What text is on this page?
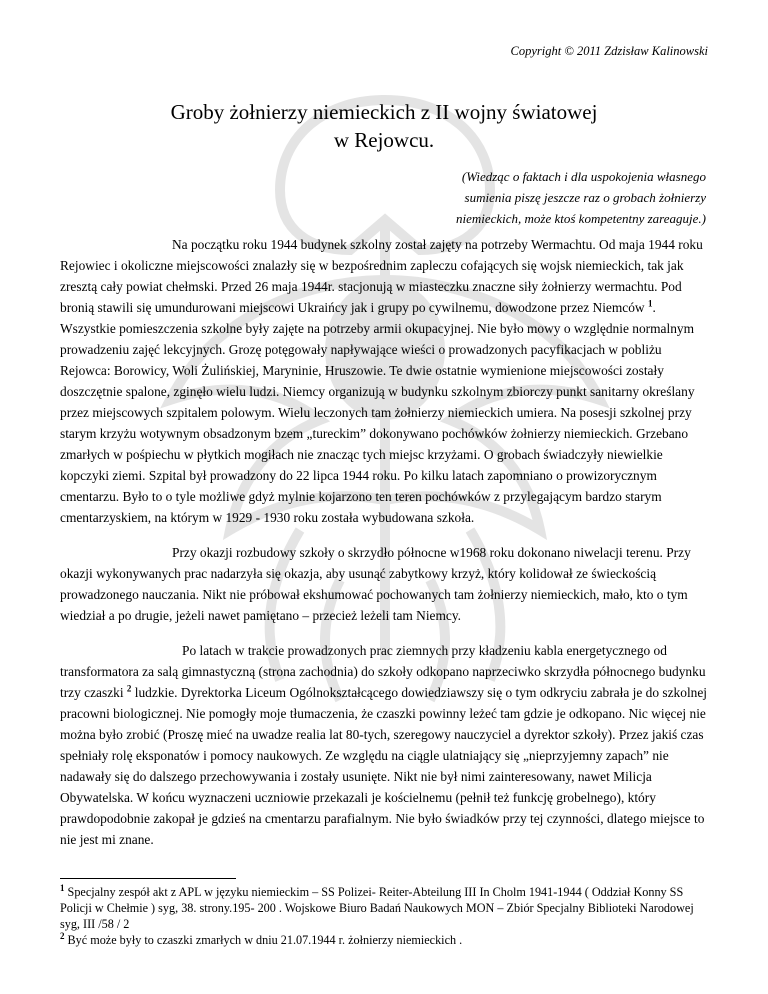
Copyright © 2011 Zdzisław Kalinowski
Groby żołnierzy niemieckich z II wojny światowej
w Rejowcu.
(Wiedząc o faktach i dla uspokojenia własnego
sumienia piszę jeszcze raz o grobach żołnierzy
niemieckich, może ktoś kompetentny zareaguje.)

Na początku roku 1944 budynek szkolny został zajęty na potrzeby Wermachtu. Od maja 1944 roku Rejowiec i okoliczne miejscowości znalazły się w bezpośrednim zapleczu cofających się wojsk niemieckich, tak jak zresztą cały powiat chełmski. Przed 26 maja 1944r. stacjonują w miasteczku znaczne siły żołnierzy wermachtu. Pod bronią stawili się umundurowani miejscowi Ukraińcy jak i grupy po cywilnemu, dowodzone przez Niemców $^1$. Wszystkie pomieszczenia szkolne były zajęte na potrzeby armii okupacyjnej. Nie było mowy o względnie normalnym prowadzeniu zajęć lekcyjnych. Grozę potęgowały napływające wieści o prowadzonych pacyfikacjach w pobliżu Rejowca: Borowicy, Woli Żulińskiej, Maryninie, Hruszowie. Te dwie ostatnie wymienione miejscowości zostały doszczętnie spalone, zginęło wielu ludzi. Niemcy organizują w budynku szkolnym zbiorczy punkt sanitarny określany przez miejscowych szpitalem polowym. Wielu leczonych tam żołnierzy niemieckich umiera. Na posesji szkolnej przy starym krzyżu wotywnym obsadzonym bzem „tureckim” dokonywano pochówków żołnierzy niemieckich. Grzebano zmarłych w pośpiechu w płytkich mogiłach nie znacząc tych miejsc krzyżami. O grobach świadczyły niewielkie kopczyki ziemi. Szpital był prowadzony do 22 lipca 1944 roku. Po kilku latach zapomniano o prowizorycznym cmentarzu. Było to o tyle możliwe gdyż mylnie kojarzono ten teren pochówków z przylegającym bardzo starym cmentarzyskiem, na którym w 1929 - 1930 roku została wybudowana szkoła.

Przy okazji rozbudowy szkoły o skrzydło północne w1968 roku dokonano niwelacji terenu. Przy okazji wykonywanych prac nadarzyła się okazja, aby usunąć zabytkowy krzyż, który kolidował ze świeckością prowadzonego nauczania. Nikt nie próbował ekshumować pochowanych tam żołnierzy niemieckich, mało, kto o tym wiedział a po drugie, jeżeli nawet pamiętano – przecież leżeli tam Niemcy.

Po latach w trakcie prowadzonych prac ziemnych przy kładzeniu kabla energetycznego od transformatora za salą gimnastyczną (strona zachodnia) do szkoły odkopano naprzeciwko skrzydła północnego budynku trzy czaszki $^2$ ludzkie. Dyrektorka Liceum Ogólnokształcącego dowiedziawszy się o tym odkryciu zabrała je do szkolnej pracowni biologicznej. Nie pomogły moje tłumaczenia, że czaszki powinny leżeć tam gdzie je odkopano. Nic więcej nie można było zrobić (Proszę mieć na uwadze realia lat 80-tych, szeregowy nauczyciel a dyrektor szkoły). Przez jakiś czas spełniały rolę eksponatów i pomocy naukowych. Ze względu na ciągle ulatniający się „nieprzyjemny zapach” nie nadawały się do dalszego przechowywania i zostały usunięte. Nikt nie był nimi zainteresowany, nawet Milicja Obywatelska. W końcu wyznaczeni uczniowie przekazali je kościelnemu (pełnił też funkcję grobelnego), który prawdopodobnie zakopał je gdzieś na cmentarzu parafialnym. Nie było świadków przy tej czynności, dlatego miejsce to nie jest mi znane.

$^1$ Specjalny zespół akt z APL w języku niemieckim – SS Polizei- Reiter-Abteilung III In Cholm 1941-1944 ( Oddział Konny SS Policji w Chełmie ) syg, 38. strony.195- 200 . Wojskowe Biuro Badań Naukowych MON – Zbiór Specjalny Biblioteki Narodowej syg, III /58 / 2
$^2$ Być może były to czaszki zmarłych w dniu 21.07.1944 r. żołnierzy niemieckich .
